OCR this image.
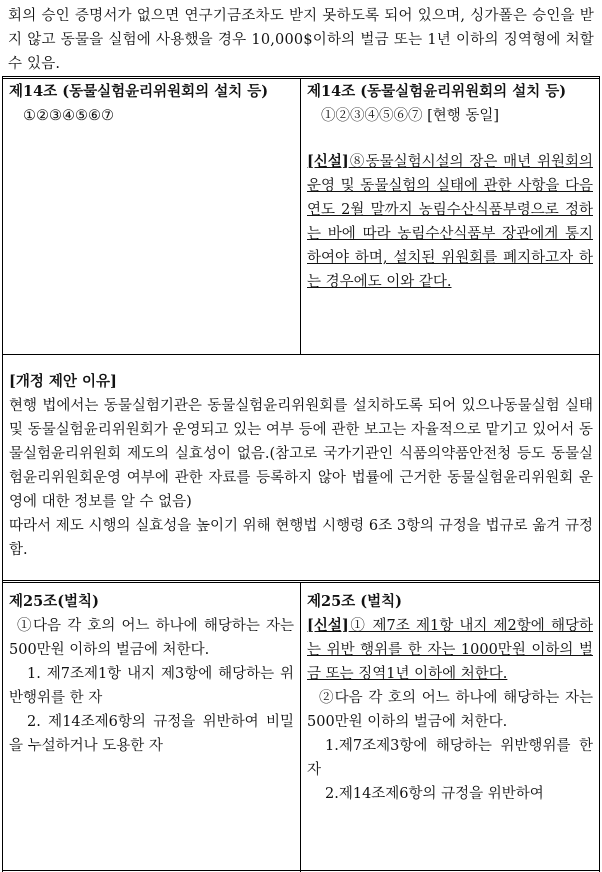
회의 승인 증명서가 없으면 연구기금조차도 받지 못하도록 되어 있으며, 싱가폴은 승인을 받지 않고 동물을 실험에 사용했을 경우 10,000$이하의 벌금 또는 1년 이하의 징역형에 처할 수 있음.
제14조 (동물실험윤리위원회의 설치 등)
①②③④⑤⑥⑦
제14조 (동물실험윤리위원회의 설치 등)
①②③④⑤⑥⑦ [현행 동일]
[신설]⑧동물실험시설의 장은 매년 위원회의 운영 및 동물실험의 실태에 관한 사항을 다음 연도 2월 말까지 농림수산식품부령으로 정하는 바에 따라 농림수산식품부 장관에게 통지하여야 하며, 설치된 위원회를 폐지하고자 하는 경우에도 이와 같다.
[개정 제안 이유]
현행 법에서는 동물실험기관은 동물실험윤리위원회를 설치하도록 되어 있으나동물실험 실태 및 동물실험윤리위원회가 운영되고 있는 여부 등에 관한 보고는 자율적으로 맡기고 있어서 동물실험윤리위원회 제도의 실효성이 없음.(참고로 국가기관인 식품의약품안전청 등도 동물실험윤리위원회운영 여부에 관한 자료를 등록하지 않아 법률에 근거한 동물실험윤리위원회 운영에 대한 정보를 알 수 없음)
따라서 제도 시행의 실효성을 높이기 위해 현행법 시행령 6조 3항의 규정을 법규로 옮겨 규정함.
제25조(벌칙)
①다음 각 호의 어느 하나에 해당하는 자는 500만원 이하의 벌금에 처한다.
1. 제7조제1항 내지 제3항에 해당하는 위반행위를 한 자
2. 제14조제6항의 규정을 위반하여 비밀을 누설하거나 도용한 자
제25조 (벌칙)
[신설]① 제7조 제1항 내지 제2항에 해당하는 위반 행위를 한 자는 1000만원 이하의 벌금 또는 징역1년 이하에 처한다.
②다음 각 호의 어느 하나에 해당하는 자는 500만원 이하의 벌금에 처한다.
1.제7조제3항에 해당하는 위반행위를 한 자
2.제14조제6항의 규정을 위반하여
